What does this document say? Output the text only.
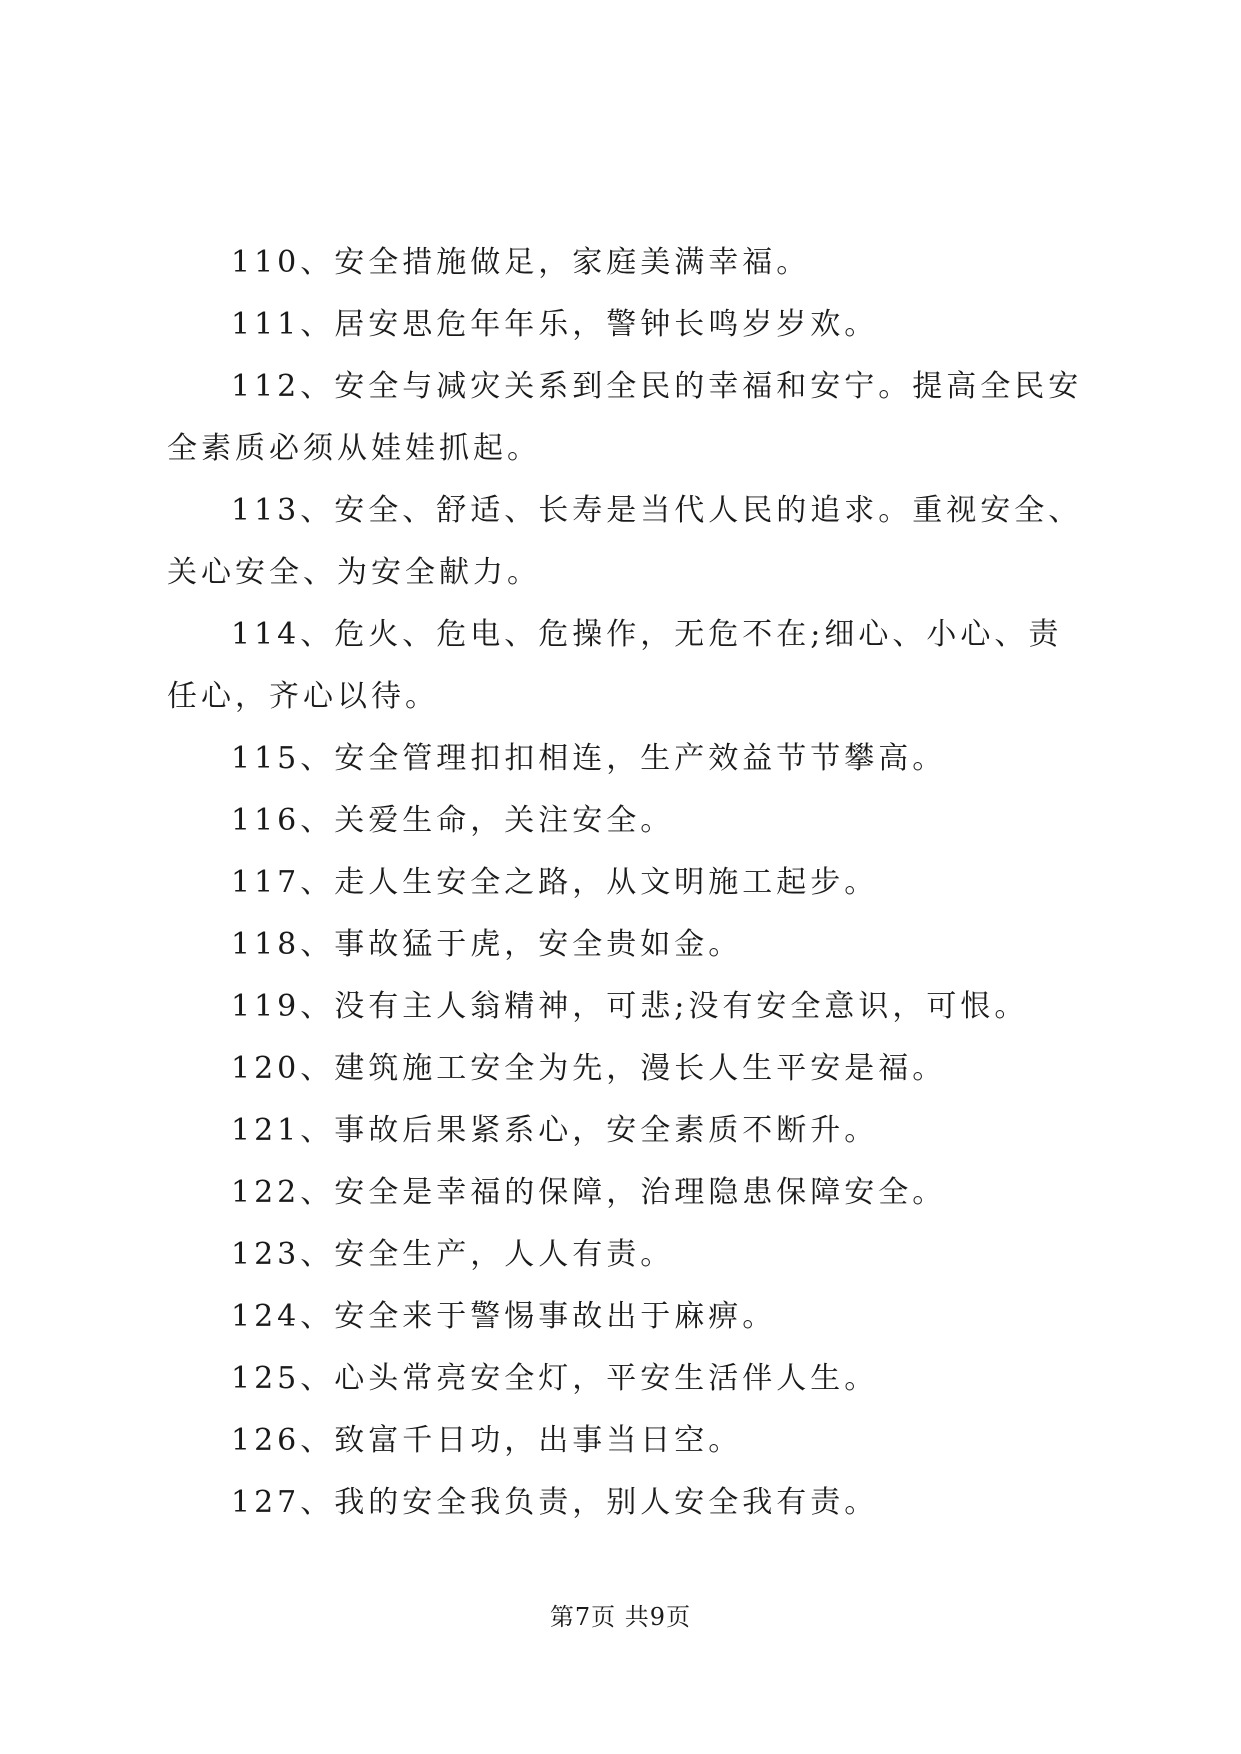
110、安全措施做足，家庭美满幸福。

111、居安思危年年乐，警钟长鸣岁岁欢。

112、安全与减灾关系到全民的幸福和安宁。提高全民安全素质必须从娃娃抓起。

113、安全、舒适、长寿是当代人民的追求。重视安全、关心安全、为安全献力。

114、危火、危电、危操作，无危不在;细心、小心、责任心，齐心以待。

115、安全管理扣扣相连，生产效益节节攀高。

116、关爱生命，关注安全。

117、走人生安全之路，从文明施工起步。

118、事故猛于虎，安全贵如金。

119、没有主人翁精神，可悲;没有安全意识，可恨。

120、建筑施工安全为先，漫长人生平安是福。

121、事故后果紧系心，安全素质不断升。

122、安全是幸福的保障，治理隐患保障安全。

123、安全生产，人人有责。

124、安全来于警惕事故出于麻痹。

125、心头常亮安全灯，平安生活伴人生。

126、致富千日功，出事当日空。

127、我的安全我负责，别人安全我有责。

第7页 共9页
